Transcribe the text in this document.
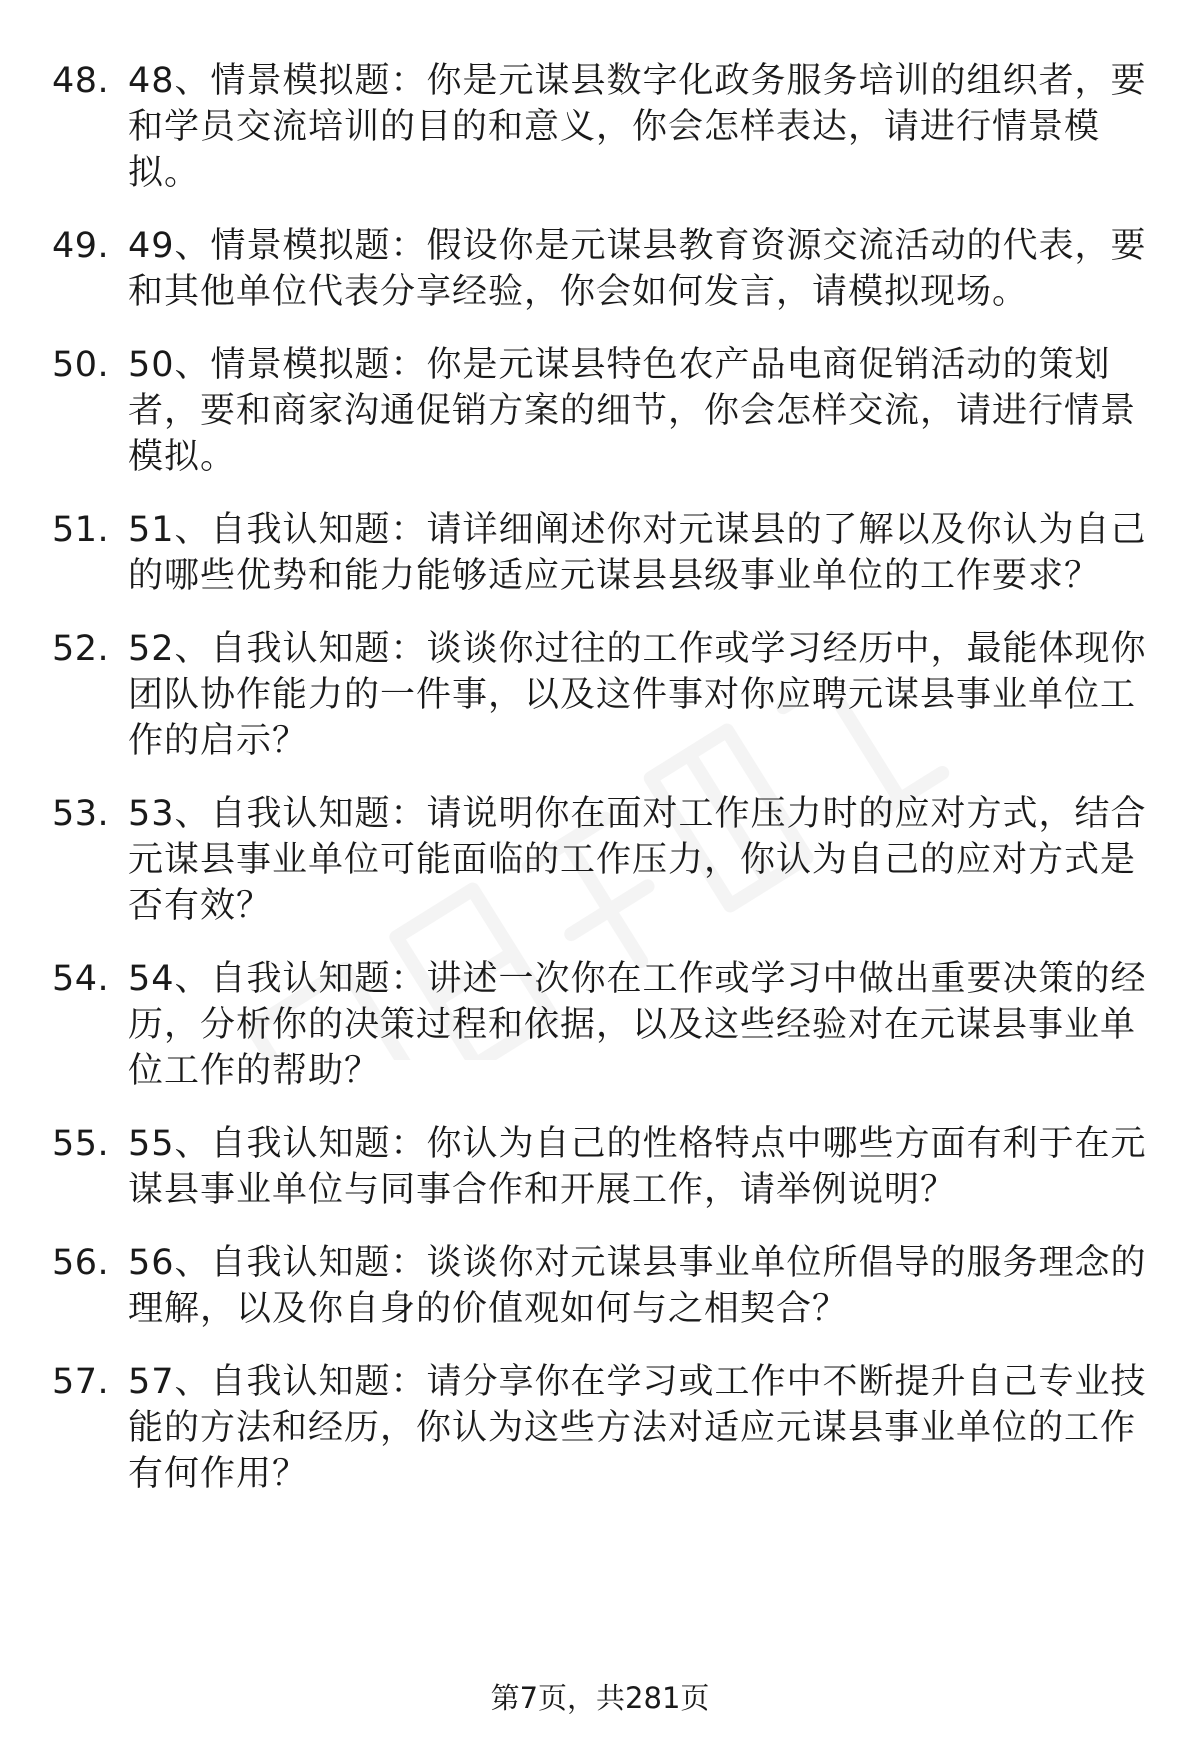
48. 48、情景模拟题：你是元谋县数字化政务服务培训的组织者，要和学员交流培训的目的和意义，你会怎样表达，请进行情景模拟。
49. 49、情景模拟题：假设你是元谋县教育资源交流活动的代表，要和其他单位代表分享经验，你会如何发言，请模拟现场。
50. 50、情景模拟题：你是元谋县特色农产品电商促销活动的策划者，要和商家沟通促销方案的细节，你会怎样交流，请进行情景模拟。
51. 51、自我认知题：请详细阐述你对元谋县的了解以及你认为自己的哪些优势和能力能够适应元谋县县级事业单位的工作要求？
52. 52、自我认知题：谈谈你过往的工作或学习经历中，最能体现你团队协作能力的一件事，以及这件事对你应聘元谋县事业单位工作的启示？
53. 53、自我认知题：请说明你在面对工作压力时的应对方式，结合元谋县事业单位可能面临的工作压力，你认为自己的应对方式是否有效？
54. 54、自我认知题：讲述一次你在工作或学习中做出重要决策的经历，分析你的决策过程和依据，以及这些经验对在元谋县事业单位工作的帮助？
55. 55、自我认知题：你认为自己的性格特点中哪些方面有利于在元谋县事业单位与同事合作和开展工作，请举例说明？
56. 56、自我认知题：谈谈你对元谋县事业单位所倡导的服务理念的理解，以及你自身的价值观如何与之相契合？
57. 57、自我认知题：请分享你在学习或工作中不断提升自己专业技能的方法和经历，你认为这些方法对适应元谋县事业单位的工作有何作用？
第7页，共281页
